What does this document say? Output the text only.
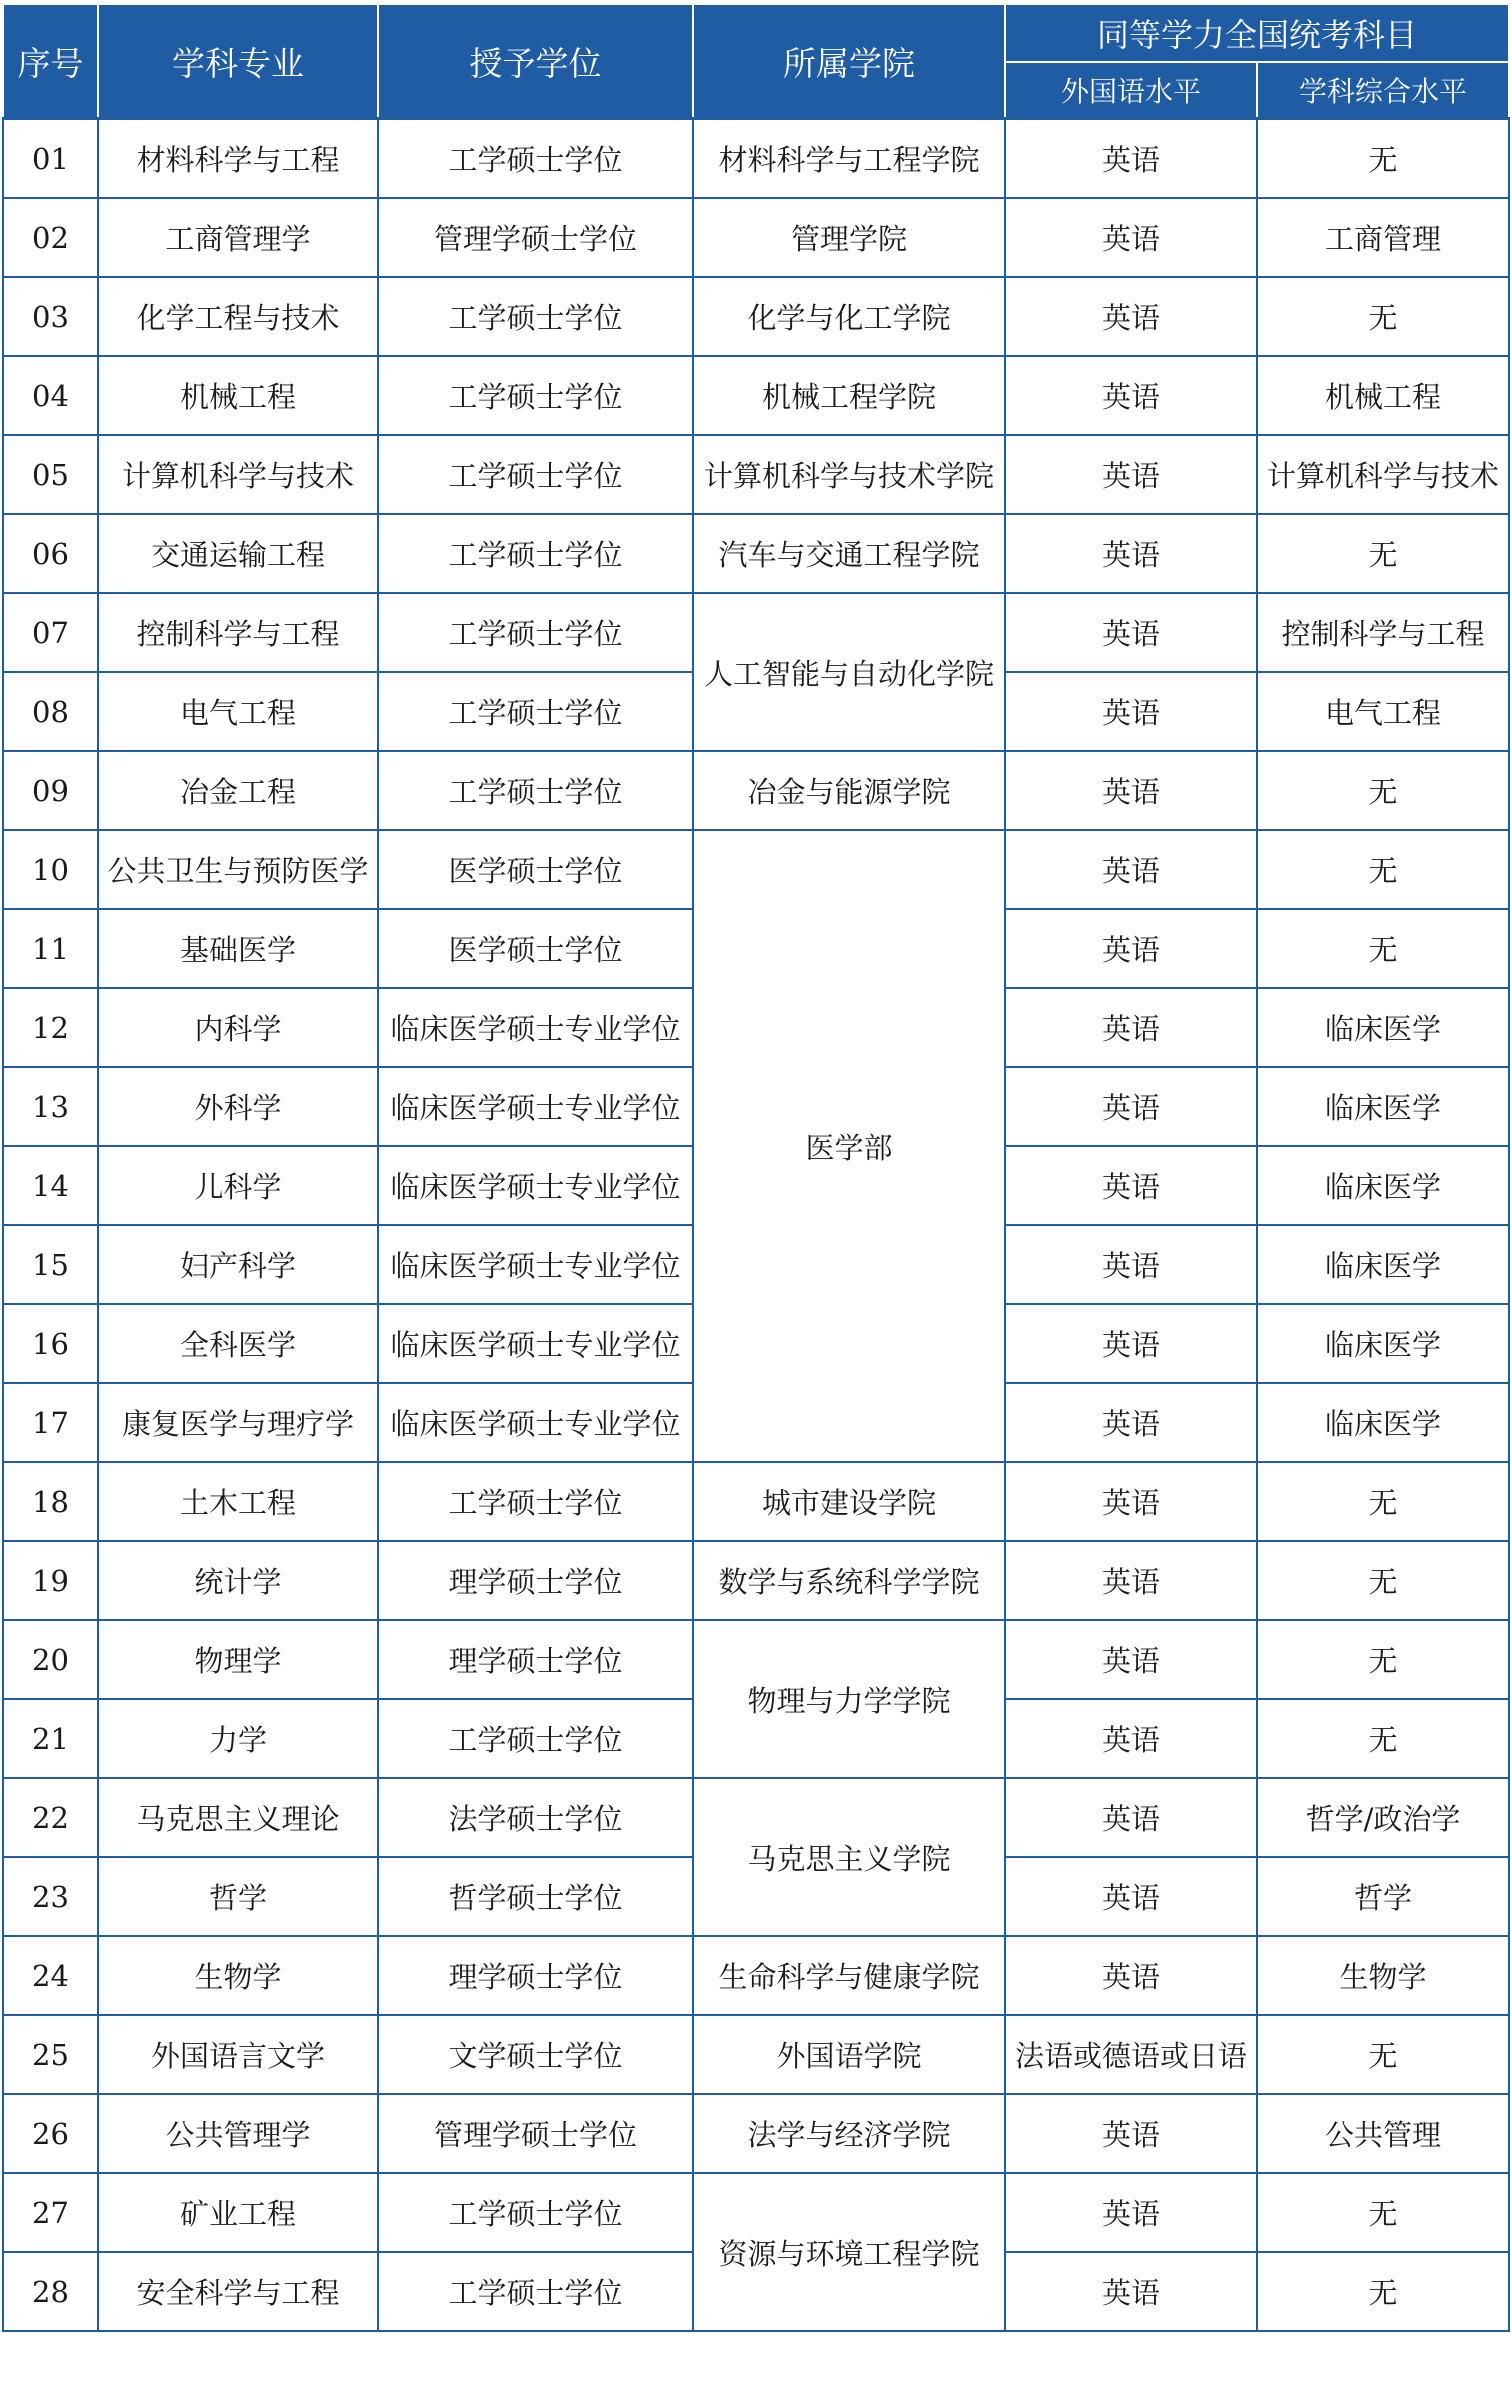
序号	学科专业	授予学位	所属学院	同等学力全国统考科目	
				外国语水平	学科综合水平
01	材料科学与工程	工学硕士学位	材料科学与工程学院	英语	无
02	工商管理学	管理学硕士学位	管理学院	英语	工商管理
03	化学工程与技术	工学硕士学位	化学与化工学院	英语	无
04	机械工程	工学硕士学位	机械工程学院	英语	机械工程
05	计算机科学与技术	工学硕士学位	计算机科学与技术学院	英语	计算机科学与技术
06	交通运输工程	工学硕士学位	汽车与交通工程学院	英语	无
07	控制科学与工程	工学硕士学位	人工智能与自动化学院	英语	控制科学与工程
08	电气工程	工学硕士学位		英语	电气工程
09	冶金工程	工学硕士学位	冶金与能源学院	英语	无
10	公共卫生与预防医学	医学硕士学位	医学部	英语	无
11	基础医学	医学硕士学位		英语	无
12	内科学	临床医学硕士专业学位		英语	临床医学
13	外科学	临床医学硕士专业学位		英语	临床医学
14	儿科学	临床医学硕士专业学位		英语	临床医学
15	妇产科学	临床医学硕士专业学位		英语	临床医学
16	全科医学	临床医学硕士专业学位		英语	临床医学
17	康复医学与理疗学	临床医学硕士专业学位		英语	临床医学
18	土木工程	工学硕士学位	城市建设学院	英语	无
19	统计学	理学硕士学位	数学与系统科学学院	英语	无
20	物理学	理学硕士学位	物理与力学学院	英语	无
21	力学	工学硕士学位		英语	无
22	马克思主义理论	法学硕士学位	马克思主义学院	英语	哲学/政治学
23	哲学	哲学硕士学位		英语	哲学
24	生物学	理学硕士学位	生命科学与健康学院	英语	生物学
25	外国语言文学	文学硕士学位	外国语学院	法语或德语或日语	无
26	公共管理学	管理学硕士学位	法学与经济学院	英语	公共管理
27	矿业工程	工学硕士学位	资源与环境工程学院	英语	无
28	安全科学与工程	工学硕士学位		英语	无
